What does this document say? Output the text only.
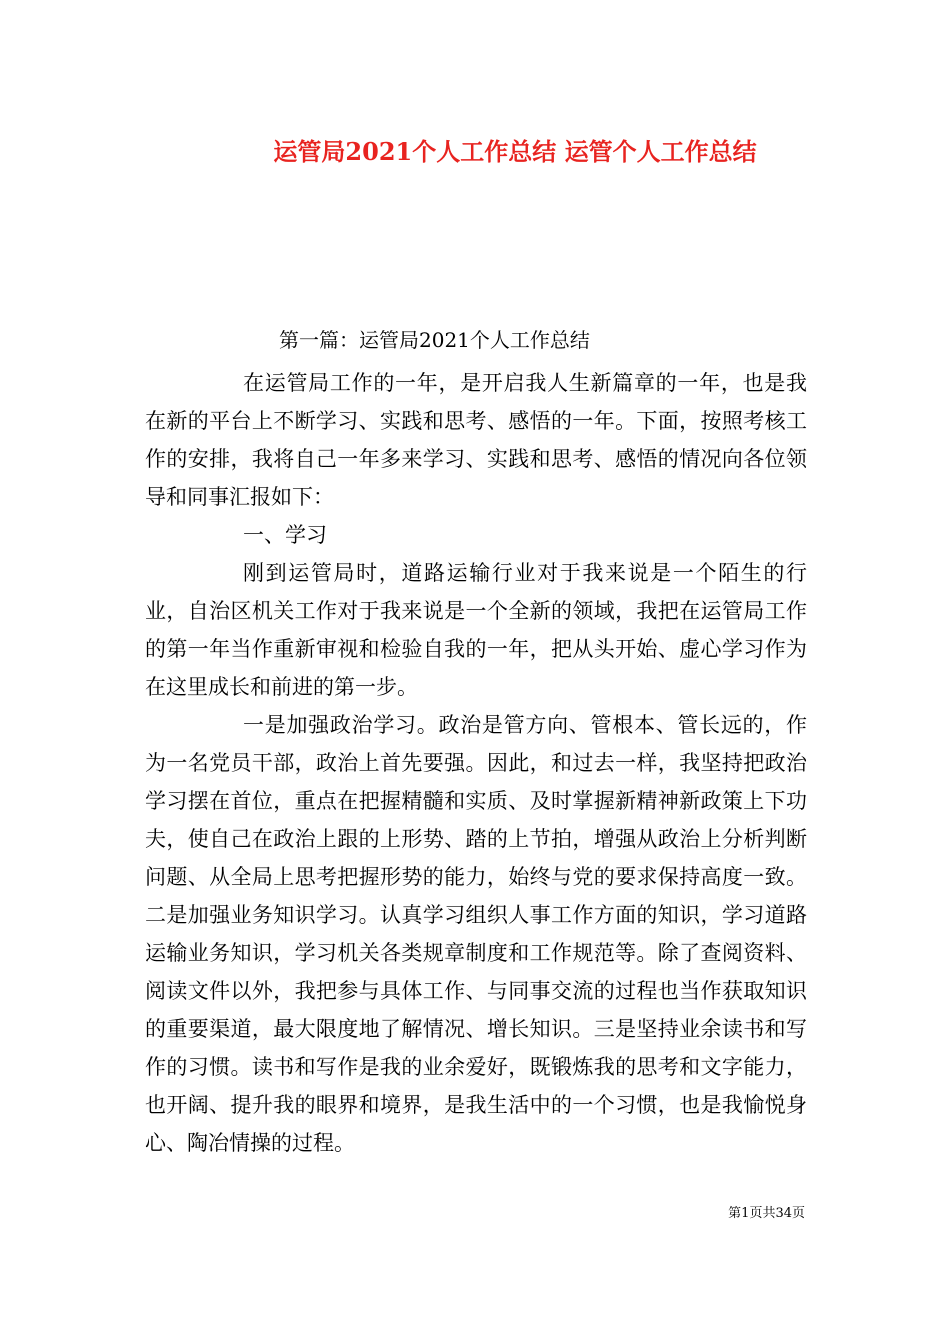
运管局2021个人工作总结 运管个人工作总结
第一篇：运管局2021个人工作总结

在运管局工作的一年，是开启我人生新篇章的一年，也是我在新的平台上不断学习、实践和思考、感悟的一年。下面，按照考核工作的安排，我将自己一年多来学习、实践和思考、感悟的情况向各位领导和同事汇报如下：

一、学习

刚到运管局时，道路运输行业对于我来说是一个陌生的行业，自治区机关工作对于我来说是一个全新的领域，我把在运管局工作的第一年当作重新审视和检验自我的一年，把从头开始、虚心学习作为在这里成长和前进的第一步。

一是加强政治学习。政治是管方向、管根本、管长远的，作为一名党员干部，政治上首先要强。因此，和过去一样，我坚持把政治学习摆在首位，重点在把握精髓和实质、及时掌握新精神新政策上下功夫，使自己在政治上跟的上形势、踏的上节拍，增强从政治上分析判断问题、从全局上思考把握形势的能力，始终与党的要求保持高度一致。二是加强业务知识学习。认真学习组织人事工作方面的知识，学习道路运输业务知识，学习机关各类规章制度和工作规范等。除了查阅资料、阅读文件以外，我把参与具体工作、与同事交流的过程也当作获取知识的重要渠道，最大限度地了解情况、增长知识。三是坚持业余读书和写作的习惯。读书和写作是我的业余爱好，既锻炼我的思考和文字能力，也开阔、提升我的眼界和境界，是我生活中的一个习惯，也是我愉悦身心、陶冶情操的过程。

第1页共34页
